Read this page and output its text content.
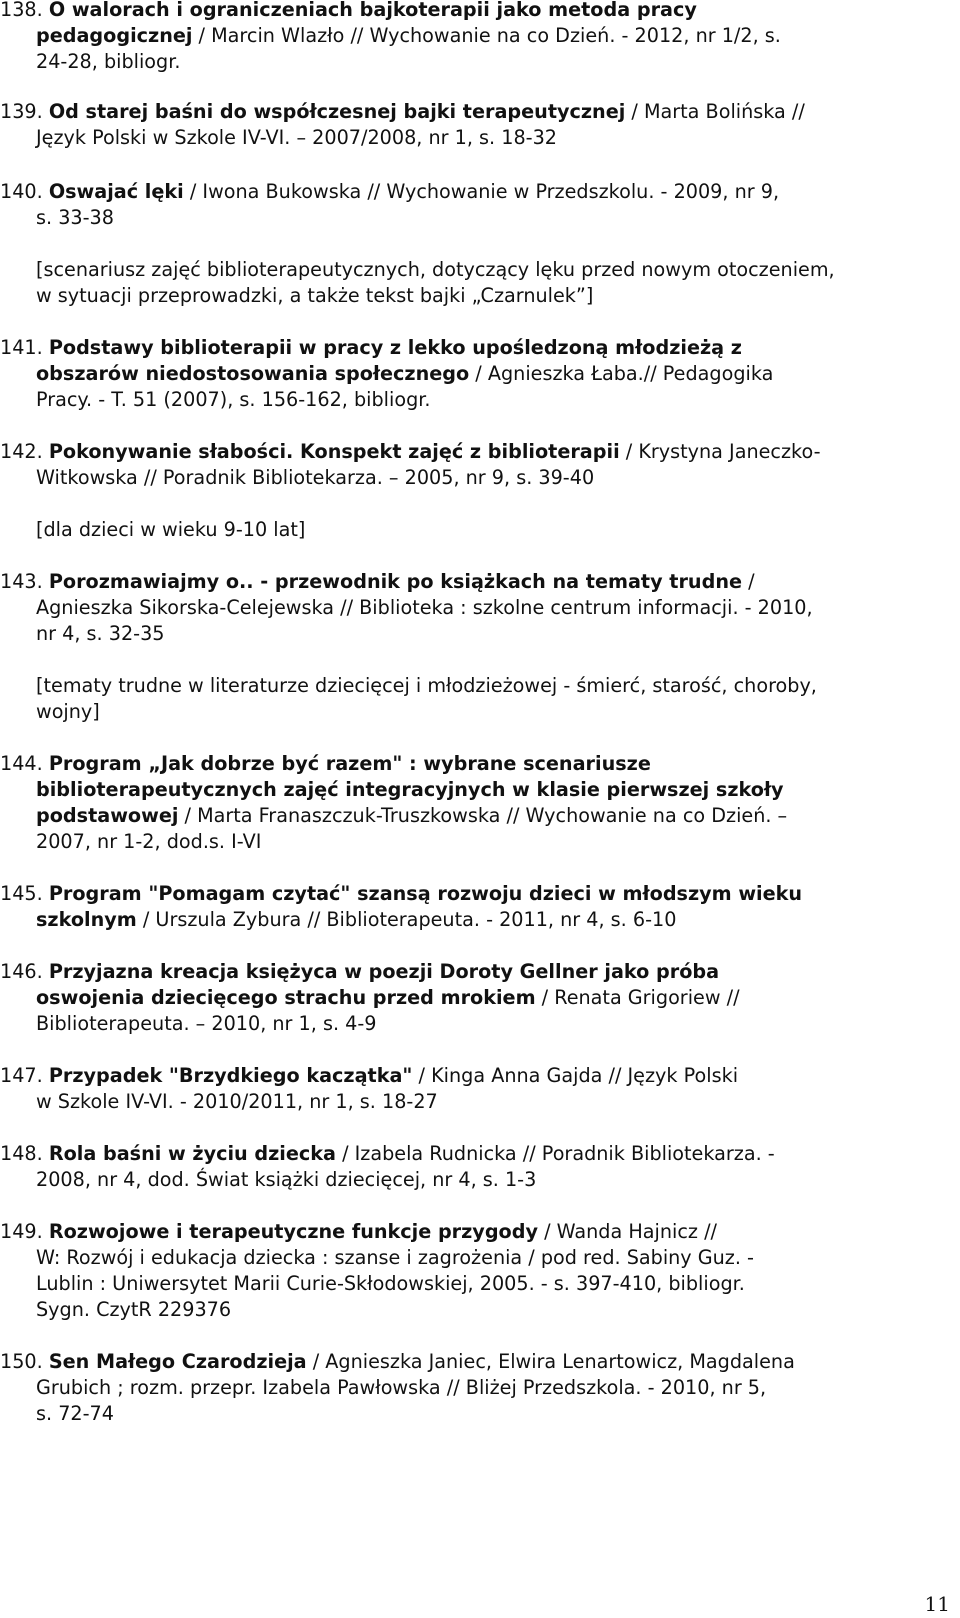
138. O walorach i ograniczeniach bajkoterapii jako metoda pracy
pedagogicznej / Marcin Wlazło // Wychowanie na co Dzień. - 2012, nr 1/2, s.
24-28, bibliogr.
139. Od starej baśni do współczesnej bajki terapeutycznej / Marta Bolińska //
Język Polski w Szkole IV-VI. – 2007/2008, nr 1, s. 18-32
140. Oswajać lęki / Iwona Bukowska // Wychowanie w Przedszkolu. - 2009, nr 9,
s. 33-38
[scenariusz zajęć biblioterapeutycznych, dotyczący lęku przed nowym otoczeniem,
w sytuacji przeprowadzki, a także tekst bajki „Czarnulek”]
141. Podstawy biblioterapii w pracy z lekko upośledzoną młodzieżą z
obszarów niedostosowania społecznego / Agnieszka Łaba.// Pedagogika
Pracy. - T. 51 (2007), s. 156-162, bibliogr.
142. Pokonywanie słabości. Konspekt zajęć z biblioterapii / Krystyna Janeczko-
Witkowska // Poradnik Bibliotekarza. – 2005, nr 9, s. 39-40
[dla dzieci w wieku 9-10 lat]
143. Porozmawiajmy o.. - przewodnik po książkach na tematy trudne /
Agnieszka Sikorska-Celejewska // Biblioteka : szkolne centrum informacji. - 2010,
nr 4, s. 32-35
[tematy trudne w literaturze dziecięcej i młodzieżowej - śmierć, starość, choroby,
wojny]
144. Program „Jak dobrze być razem" : wybrane scenariusze
biblioterapeutycznych zajęć integracyjnych w klasie pierwszej szkoły
podstawowej / Marta Franaszczuk-Truszkowska // Wychowanie na co Dzień. –
2007, nr 1-2, dod.s. I-VI
145. Program "Pomagam czytać" szansą rozwoju dzieci w młodszym wieku
szkolnym / Urszula Zybura // Biblioterapeuta. - 2011, nr 4, s. 6-10
146. Przyjazna kreacja księżyca w poezji Doroty Gellner jako próba
oswojenia dziecięcego strachu przed mrokiem / Renata Grigoriew //
Biblioterapeuta. – 2010, nr 1, s. 4-9
147. Przypadek "Brzydkiego kaczątka" / Kinga Anna Gajda // Język Polski
w Szkole IV-VI. - 2010/2011, nr 1, s. 18-27
148. Rola baśni w życiu dziecka / Izabela Rudnicka // Poradnik Bibliotekarza. -
2008, nr 4, dod. Świat książki dziecięcej, nr 4, s. 1-3
149. Rozwojowe i terapeutyczne funkcje przygody / Wanda Hajnicz //
W: Rozwój i edukacja dziecka : szanse i zagrożenia / pod red. Sabiny Guz. -
Lublin : Uniwersytet Marii Curie-Skłodowskiej, 2005. - s. 397-410, bibliogr.
Sygn. CzytR 229376
150. Sen Małego Czarodzieja / Agnieszka Janiec, Elwira Lenartowicz, Magdalena
Grubich ; rozm. przepr. Izabela Pawłowska // Bliżej Przedszkola. - 2010, nr 5,
s. 72-74
11
